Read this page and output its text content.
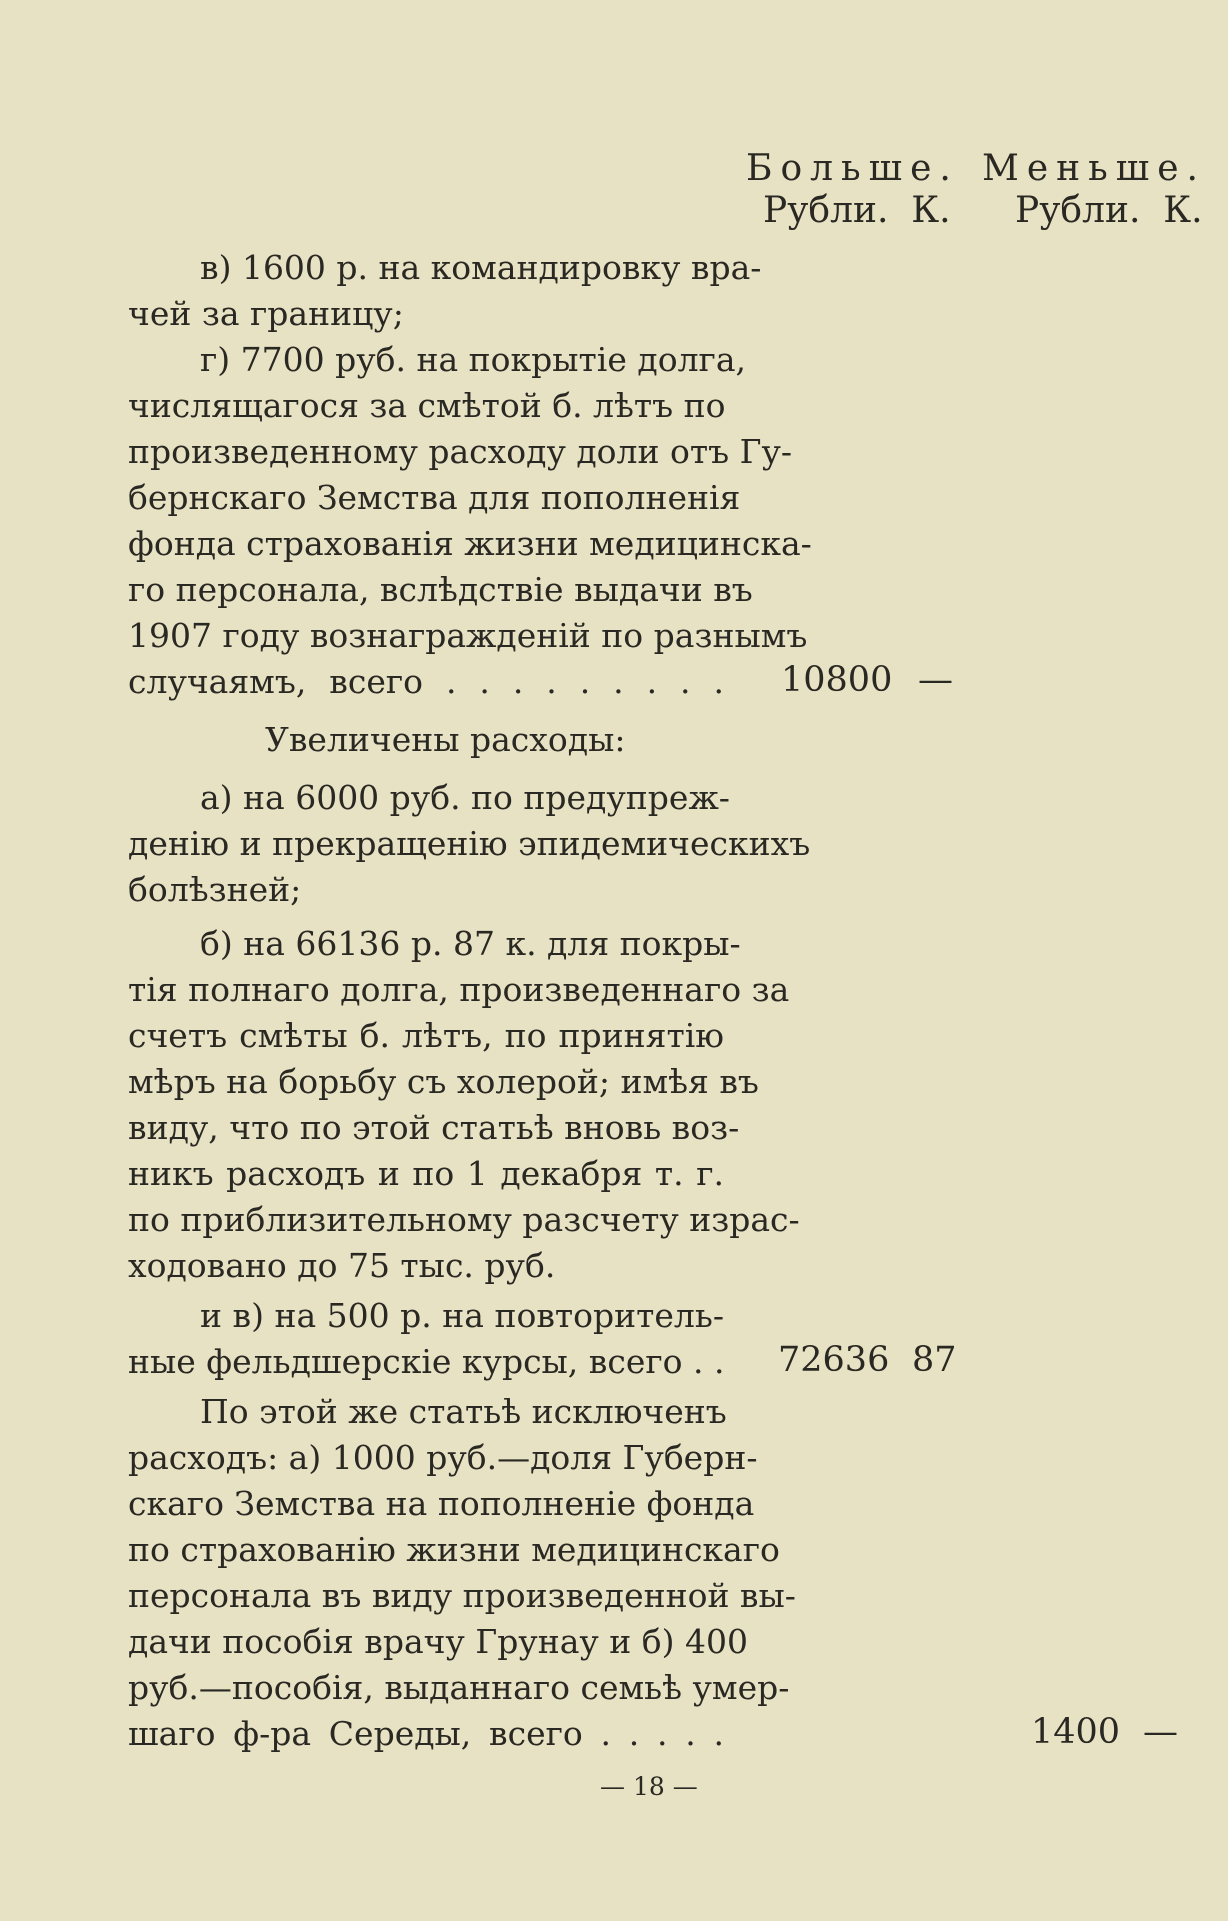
Больше. Меньше.
Рубли.  К. Рубли.  К.
в) 1600 р. на командировку вра-
чей за границу;
г) 7700 руб. на покрытіе долга,
числящагося за смѣтой б. лѣтъ по
произведенному расходу доли отъ Гу-
бернскаго Земства для пополненія
фонда страхованія жизни медицинска-
го персонала, вслѣдствіе выдачи въ
1907 году вознагражденій по разнымъ
случаямъ, всего . . . . . . . . .
Увеличены расходы:
а) на 6000 руб. по предупреж-
денію и прекращенію эпидемическихъ
болѣзней;
б) на 66136 р. 87 к. для покры-
тія полнаго долга, произведеннаго за
счетъ смѣты б. лѣтъ, по принятію
мѣръ на борьбу съ холерой; имѣя въ
виду, что по этой статьѣ вновь воз-
никъ расходъ и по 1 декабря т. г.
по приблизительному разсчету израс-
ходовано до 75 тыс. руб.
и в) на 500 р. на повторитель-
ные фельдшерскіе курсы, всего . .
По этой же статьѣ исключенъ
расходъ: а) 1000 руб.—доля Губерн-
скаго Земства на пополненіе фонда
по страхованію жизни медицинскаго
персонала въ виду произведенной вы-
дачи пособія врачу Грунау и б) 400
руб.—пособія, выданнаго семьѣ умер-
шаго ф-ра Середы, всего . . . . .
10800 —
72636 87
1400 —
— 18 —
